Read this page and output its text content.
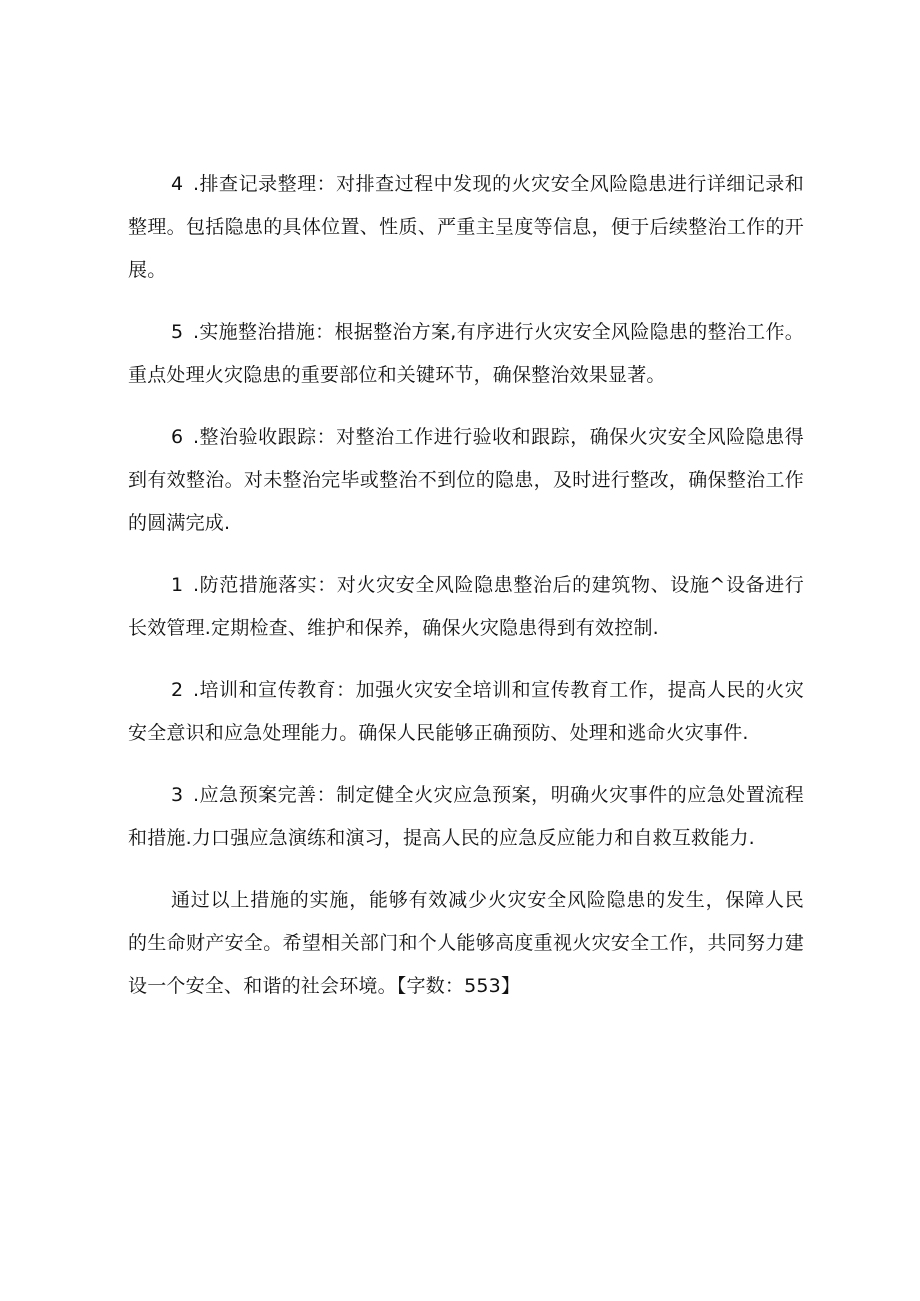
4 .排查记录整理：对排查过程中发现的火灾安全风险隐患进行详细记录和整理。包括隐患的具体位置、性质、严重主呈度等信息，便于后续整治工作的开展。

5 .实施整治措施：根据整治方案,有序进行火灾安全风险隐患的整治工作。重点处理火灾隐患的重要部位和关键环节，确保整治效果显著。

6 .整治验收跟踪：对整治工作进行验收和跟踪，确保火灾安全风险隐患得到有效整治。对未整治完毕或整治不到位的隐患，及时进行整改，确保整治工作的圆满完成.

1 .防范措施落实：对火灾安全风险隐患整治后的建筑物、设施^设备进行长效管理.定期检查、维护和保养，确保火灾隐患得到有效控制.

2 .培训和宣传教育：加强火灾安全培训和宣传教育工作，提高人民的火灾安全意识和应急处理能力。确保人民能够正确预防、处理和逃命火灾事件.

3 .应急预案完善：制定健全火灾应急预案，明确火灾事件的应急处置流程和措施.力口强应急演练和演习，提高人民的应急反应能力和自救互救能力.

通过以上措施的实施，能够有效减少火灾安全风险隐患的发生，保障人民的生命财产安全。希望相关部门和个人能够高度重视火灾安全工作，共同努力建设一个安全、和谐的社会环境。【字数：553】
